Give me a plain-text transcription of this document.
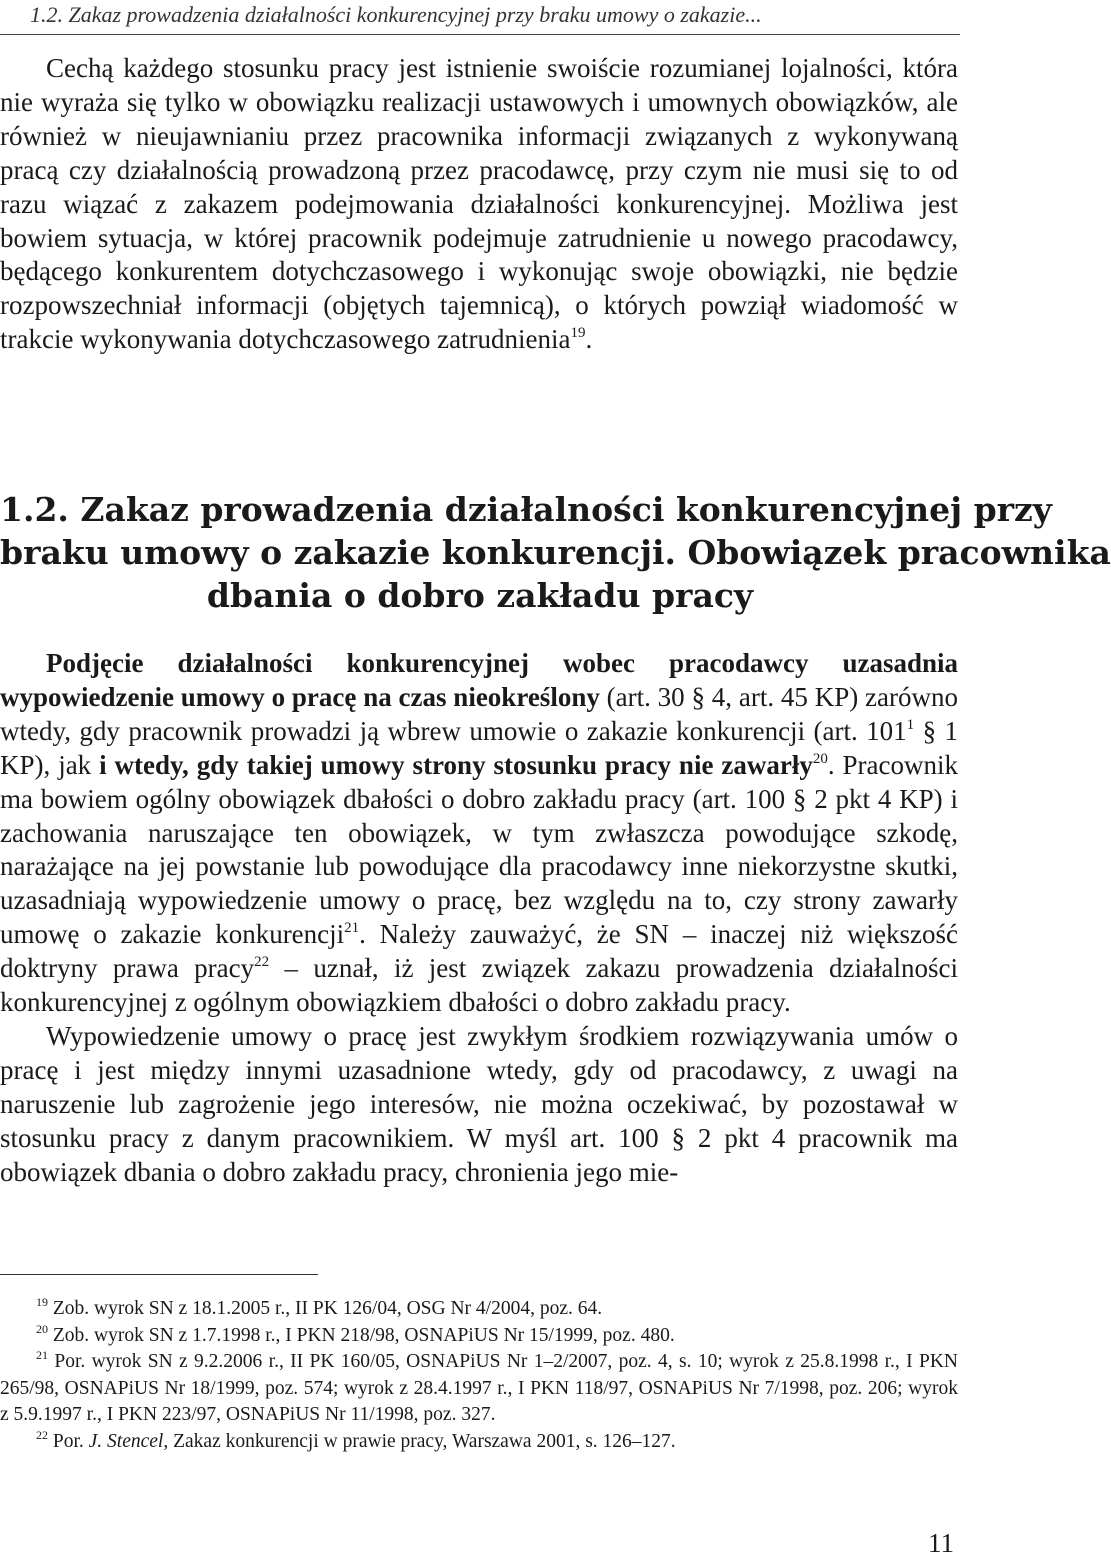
1.2. Zakaz prowadzenia działalności konkurencyjnej przy braku umowy o zakazie...

Cechą każdego stosunku pracy jest istnienie swoiście rozumianej lojalności, która nie wyraża się tylko w obowiązku realizacji ustawowych i umownych obowiązków, ale również w nieujawnianiu przez pracownika informacji związanych z wykonywaną pracą czy działalnością prowadzoną przez pracodawcę, przy czym nie musi się to od razu wiązać z zakazem podejmowania działalności konkurencyjnej. Możliwa jest bowiem sytuacja, w której pracownik podejmuje zatrudnienie u nowego pracodawcy, będącego konkurentem dotychczasowego i wykonując swoje obowiązki, nie będzie rozpowszechniał informacji (objętych tajemnicą), o których powziął wiadomość w trakcie wykonywania dotychczasowego zatrudnienia$^{19}$.

1.2. Zakaz prowadzenia działalności konkurencyjnej przy
braku umowy o zakazie konkurencji. Obowiązek pracownika
dbania o dobro zakładu pracy

Podjęcie działalności konkurencyjnej wobec pracodawcy uzasadnia wypowiedzenie umowy o pracę na czas nieokreślony (art. 30 § 4, art. 45 KP) zarówno wtedy, gdy pracownik prowadzi ją wbrew umowie o zakazie konkurencji (art. $101^1$ § 1 KP), jak i wtedy, gdy takiej umowy strony stosunku pracy nie zawarły$^{20}$. Pracownik ma bowiem ogólny obowiązek dbałości o dobro zakładu pracy (art. 100 § 2 pkt 4 KP) i zachowania naruszające ten obowiązek, w tym zwłaszcza powodujące szkodę, narażające na jej powstanie lub powodujące dla pracodawcy inne niekorzystne skutki, uzasadniają wypowiedzenie umowy o pracę, bez względu na to, czy strony zawarły umowę o zakazie konkurencji$^{21}$. Należy zauważyć, że SN – inaczej niż większość doktryny prawa pracy$^{22}$ – uznał, iż jest związek zakazu prowadzenia działalności konkurencyjnej z ogólnym obowiązkiem dbałości o dobro zakładu pracy.

Wypowiedzenie umowy o pracę jest zwykłym środkiem rozwiązywania umów o pracę i jest między innymi uzasadnione wtedy, gdy od pracodawcy, z uwagi na naruszenie lub zagrożenie jego interesów, nie można oczekiwać, by pozostawał w stosunku pracy z danym pracownikiem. W myśl art. 100 § 2 pkt 4 pracownik ma obowiązek dbania o dobro zakładu pracy, chronienia jego mie-

$^{19}$ Zob. wyrok SN z 18.1.2005 r., II PK 126/04, OSG Nr 4/2004, poz. 64.

$^{20}$ Zob. wyrok SN z 1.7.1998 r., I PKN 218/98, OSNAPiUS Nr 15/1999, poz. 480.

$^{21}$ Por. wyrok SN z 9.2.2006 r., II PK 160/05, OSNAPiUS Nr 1–2/2007, poz. 4, s. 10; wyrok z 25.8.1998 r., I PKN 265/98, OSNAPiUS Nr 18/1999, poz. 574; wyrok z 28.4.1997 r., I PKN 118/97, OSNAPiUS Nr 7/1998, poz. 206; wyrok z 5.9.1997 r., I PKN 223/97, OSNAPiUS Nr 11/1998, poz. 327.

$^{22}$ Por. J. Stencel, Zakaz konkurencji w prawie pracy, Warszawa 2001, s. 126–127.

11
